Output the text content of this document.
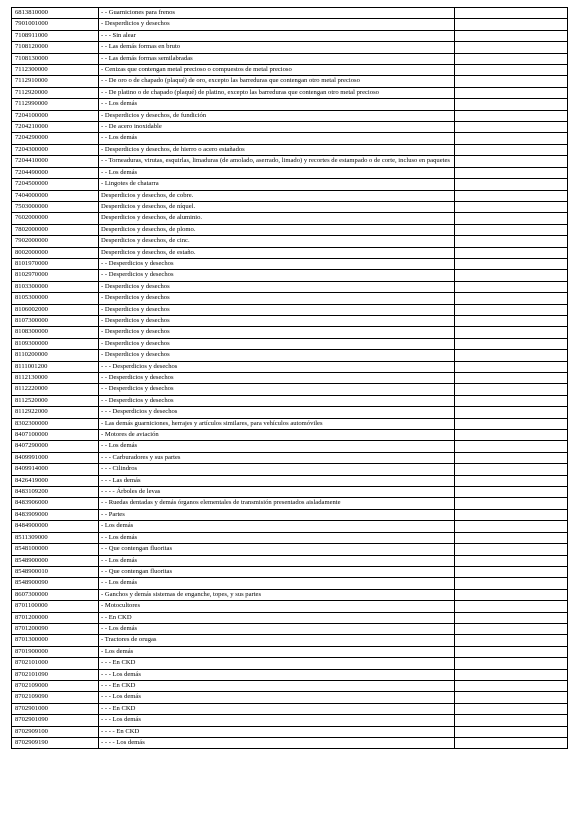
6813810000	- - Guarniciones para frenos	
7901001000	- Desperdicios y desechos	
7108911000	- - - Sin alear	
7108120000	- - Las demás formas en bruto	
7108130000	- - Las demás formas semilabradas	
7112300000	- Cenizas que contengan metal precioso o compuestos de metal precioso	
7112910000	- - De oro o de chapado (plaqué) de oro, excepto las barreduras que contengan otro metal precioso	
7112920000	- - De platino o de chapado (plaqué) de platino, excepto las barreduras que contengan otro metal precioso	
7112990000	- - Los demás	
7204100000	- Desperdicios y desechos, de fundición	
7204210000	- - De acero inoxidable	
7204290000	- - Los demás	
7204300000	- Desperdicios y desechos, de hierro o acero estañados	
7204410000	- - Torneaduras, virutas, esquirlas, limaduras (de amolado, aserrado, limado) y recortes de estampado o de corte, incluso en paquetes	
7204490000	- - Los demás	
7204500000	- Lingotes de chatarra	
7404000000	Desperdicios y desechos, de cobre.	
7503000000	Desperdicios y desechos, de níquel.	
7602000000	Desperdicios y desechos, de aluminio.	
7802000000	Desperdicios y desechos, de plomo.	
7902000000	Desperdicios y desechos, de cinc.	
8002000000	Desperdicios y desechos, de estaño.	
8101970000	- - Desperdicios y desechos	
8102970000	- - Desperdicios y desechos	
8103300000	- Desperdicios y desechos	
8105300000	- Desperdicios y desechos	
8106002000	- Desperdicios y desechos	
8107300000	- Desperdicios y desechos	
8108300000	- Desperdicios y desechos	
8109300000	- Desperdicios y desechos	
8110200000	- Desperdicios y desechos	
8111001200	- - - Desperdicios y desechos	
8112130000	- - Desperdicios y desechos	
8112220000	- - Desperdicios y desechos	
8112520000	- - Desperdicios y desechos	
8112922000	- - - Desperdicios y desechos	
8302300000	- Las demás guarniciones, herrajes y artículos similares, para vehículos automóviles	
8407100000	- Motores de aviación	
8407290000	- - Los demás	
8409991000	- - - Carburadores y sus partes	
8409914000	- - - Cilindros	
8426419000	- - - Las demás	
8483109200	- - - - Árboles de levas	
8483906000	- - Ruedas dentadas y demás órganos elementales de transmisión presentados aisladamente	
8483909000	- - Partes	
8484900000	- Los demás	
8511309000	- - Los demás	
8548100000	- - Que contengan fluoritas	
8548900000	- - Los demás	
8548900010	- - Que contengan fluoritas	
8548900090	- - Los demás	
8607300000	- Ganchos y demás sistemas de enganche, topes, y sus partes	
8701100000	- Motocultores	
8701200000	- - En CKD	
8701200090	- - Los demás	
8701300000	- Tractores de orugas	
8701900000	- Los demás	
8702101000	- - - En CKD	
8702101090	- - - Los demás	
8702109000	- - - En CKD	
8702109090	- - - Los demás	
8702901000	- - - En CKD	
8702901090	- - - Los demás	
8702909100	- - - - En CKD	
8702909190	- - - - Los demás	
